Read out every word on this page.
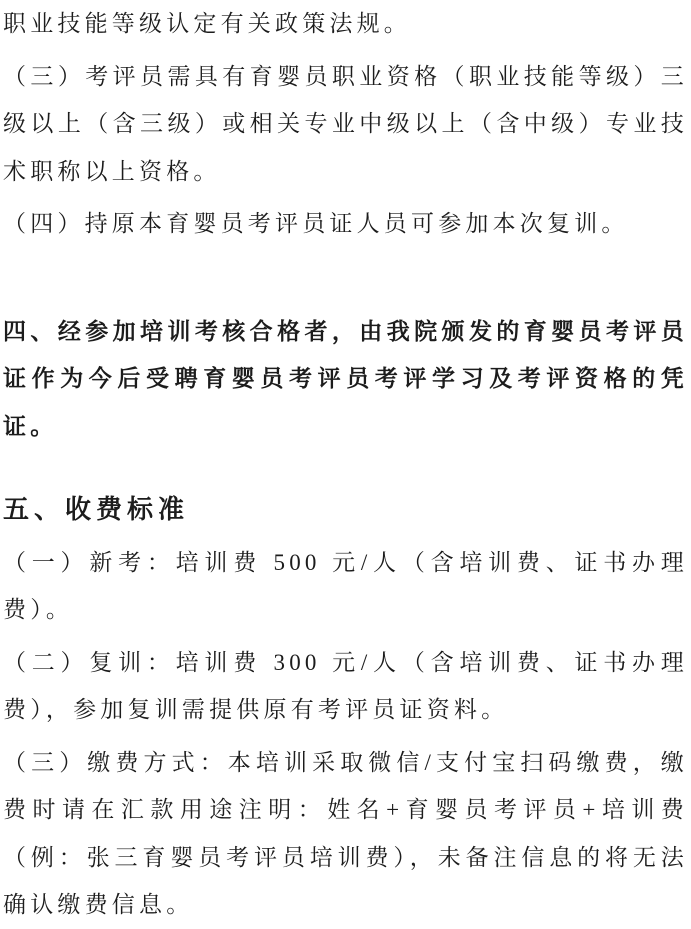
职业技能等级认定有关政策法规。

（三）考评员需具有育婴员职业资格（职业技能等级）三级以上（含三级）或相关专业中级以上（含中级）专业技术职称以上资格。

（四）持原本育婴员考评员证人员可参加本次复训。

四、经参加培训考核合格者，由我院颁发的育婴员考评员证作为今后受聘育婴员考评员考评学习及考评资格的凭证。

五、收费标准

（一）新考：培训费 500 元/人（含培训费、证书办理费）。

（二）复训：培训费 300 元/人（含培训费、证书办理费），参加复训需提供原有考评员证资料。

（三）缴费方式：本培训采取微信/支付宝扫码缴费，缴费时请在汇款用途注明：姓名+育婴员考评员+培训费（例：张三育婴员考评员培训费），未备注信息的将无法确认缴费信息。
